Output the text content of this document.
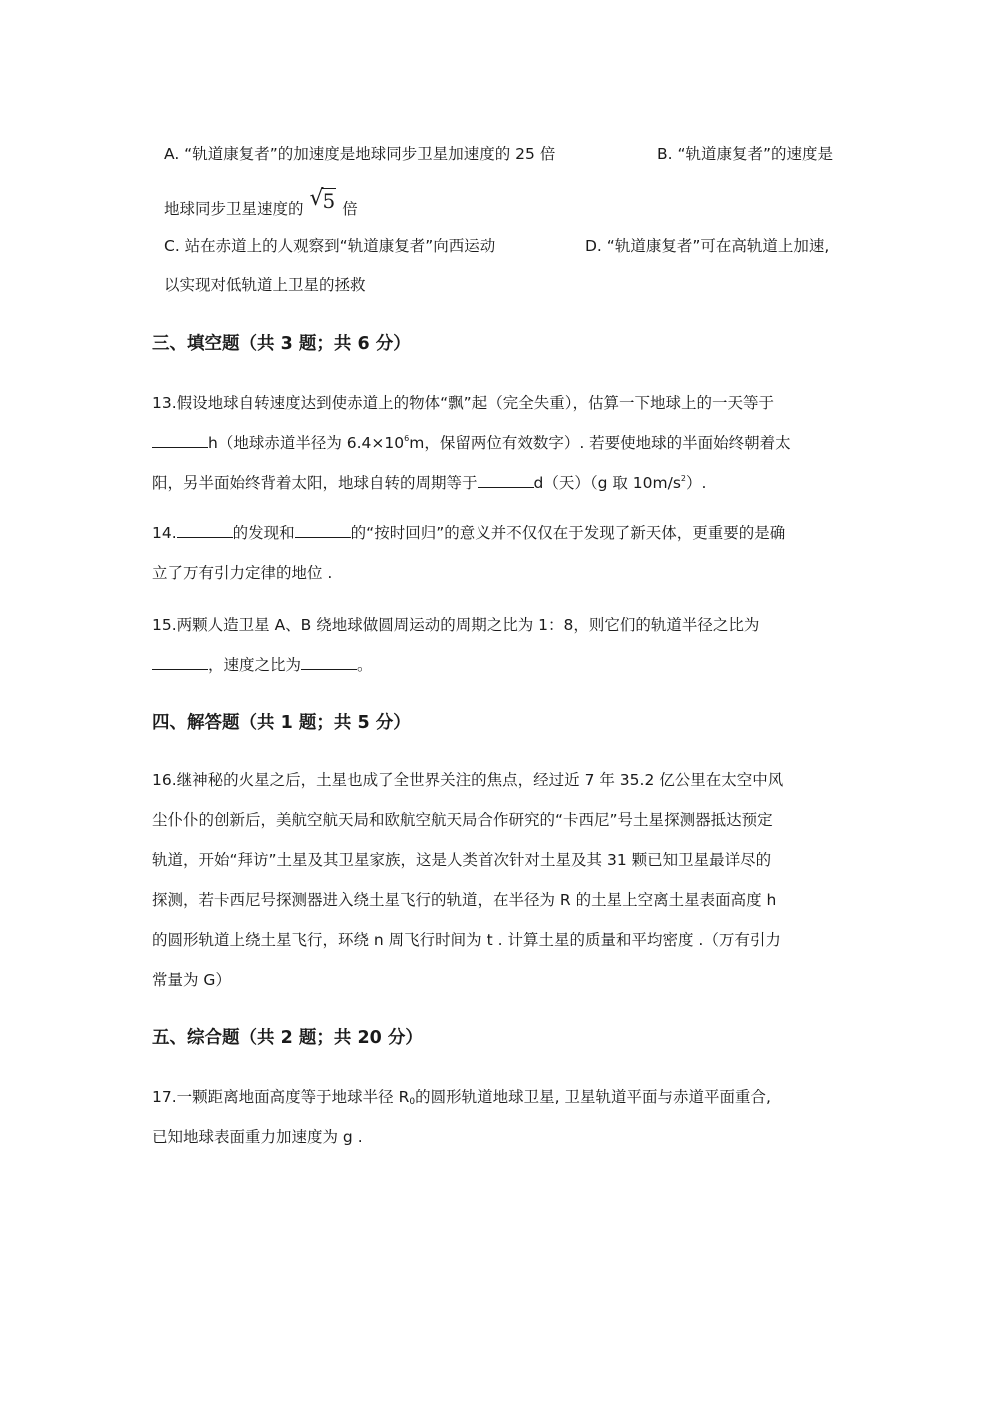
A. “轨道康复者”的加速度是地球同步卫星加速度的 25 倍	B. “轨道康复者”的速度是
地球同步卫星速度的 √
5 倍
C. 站在赤道上的人观察到“轨道康复者”向西运动	D. “轨道康复者”可在高轨道上加速,
以实现对低轨道上卫星的拯救
三、填空题（共 3 题；共 6 分）
13.假设地球自转速度达到使赤道上的物体“飘”起（完全失重），估算一下地球上的一天等于
h（地球赤道半径为 $6.4\times 10^6m$，保留两位有效数字）. 若要使地球的半面始终朝着太
阳，另半面始终背着太阳，地球自转的周期等于	d（天）（g 取 $10m/s^2$）.
14.	的发现和	的“按时回归”的意义并不仅仅在于发现了新天体，更重要的是确
立了万有引力定律的地位 .
15.两颗人造卫星 A、B 绕地球做圆周运动的周期之比为 1：8，则它们的轨道半径之比为
，速度之比为	。
四、解答题（共 1 题；共 5 分）
16.继神秘的火星之后，土星也成了全世界关注的焦点，经过近 7 年 35.2 亿公里在太空中风
尘仆仆的创新后，美航空航天局和欧航空航天局合作研究的“卡西尼”号土星探测器抵达预定
轨道，开始“拜访”土星及其卫星家族，这是人类首次针对土星及其 31 颗已知卫星最详尽的
探测，若卡西尼号探测器进入绕土星飞行的轨道，在半径为 R 的土星上空离土星表面高度 h
的圆形轨道上绕土星飞行，环绕 n 周飞行时间为 t . 计算土星的质量和平均密度 .（万有引力
常量为 G）
五、综合题（共 2 题；共 20 分）
17.一颗距离地面高度等于地球半径 $R_0$的圆形轨道地球卫星, 卫星轨道平面与赤道平面重合,
已知地球表面重力加速度为 g .
